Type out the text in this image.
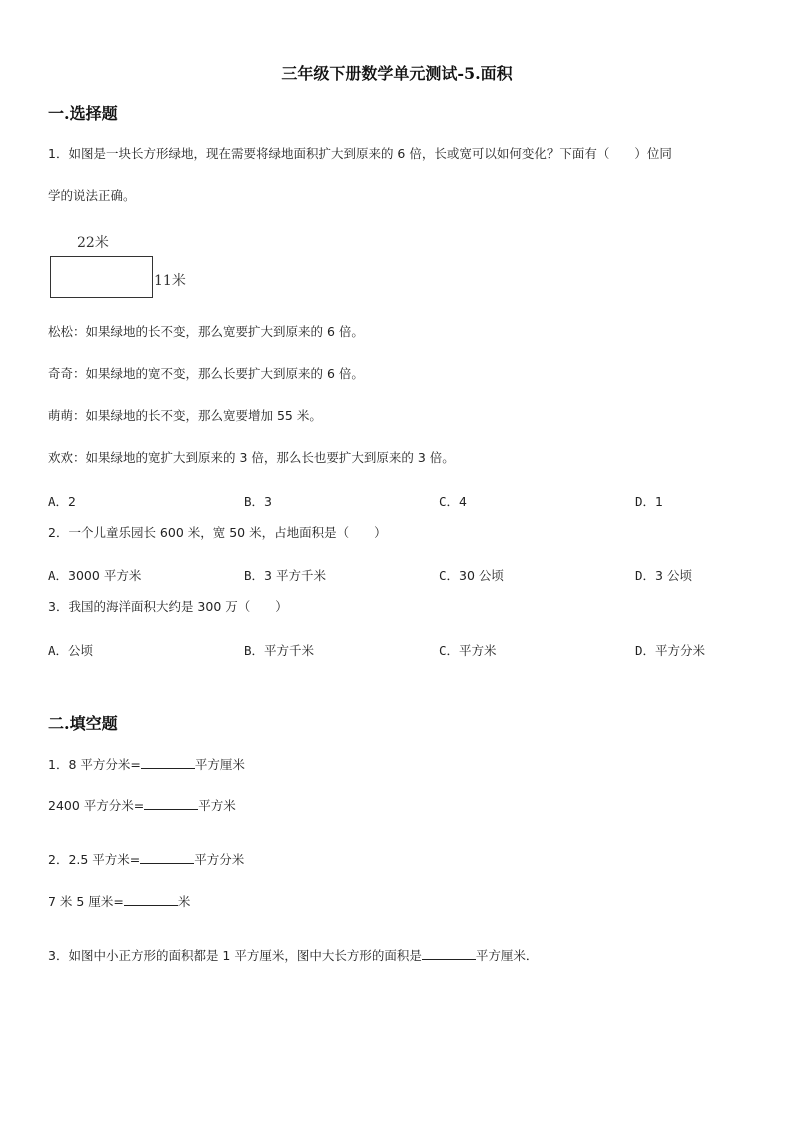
三年级下册数学单元测试-5.面积
一.选择题
1．如图是一块长方形绿地，现在需要将绿地面积扩大到原来的 6 倍，长或宽可以如何变化？下面有（　　）位同
学的说法正确。
22米
11米
松松：如果绿地的长不变，那么宽要扩大到原来的 6 倍。
奇奇：如果绿地的宽不变，那么长要扩大到原来的 6 倍。
萌萌：如果绿地的长不变，那么宽要增加 55 米。
欢欢：如果绿地的宽扩大到原来的 3 倍，那么长也要扩大到原来的 3 倍。
A．2	B．3	C．4	D．1
2．一个儿童乐园长 600 米，宽 50 米，占地面积是（　　）
A．3000 平方米	B．3 平方千米	C．30 公顷	D．3 公顷
3．我国的海洋面积大约是 300 万（　　）
A．公顷	B．平方千米	C．平方米	D．平方分米
二.填空题
1．8 平方分米=	平方厘米
2400 平方分米=	平方米
2．2.5 平方米=	平方分米
7 米 5 厘米=	米
3．如图中小正方形的面积都是 1 平方厘米，图中大长方形的面积是	平方厘米．
